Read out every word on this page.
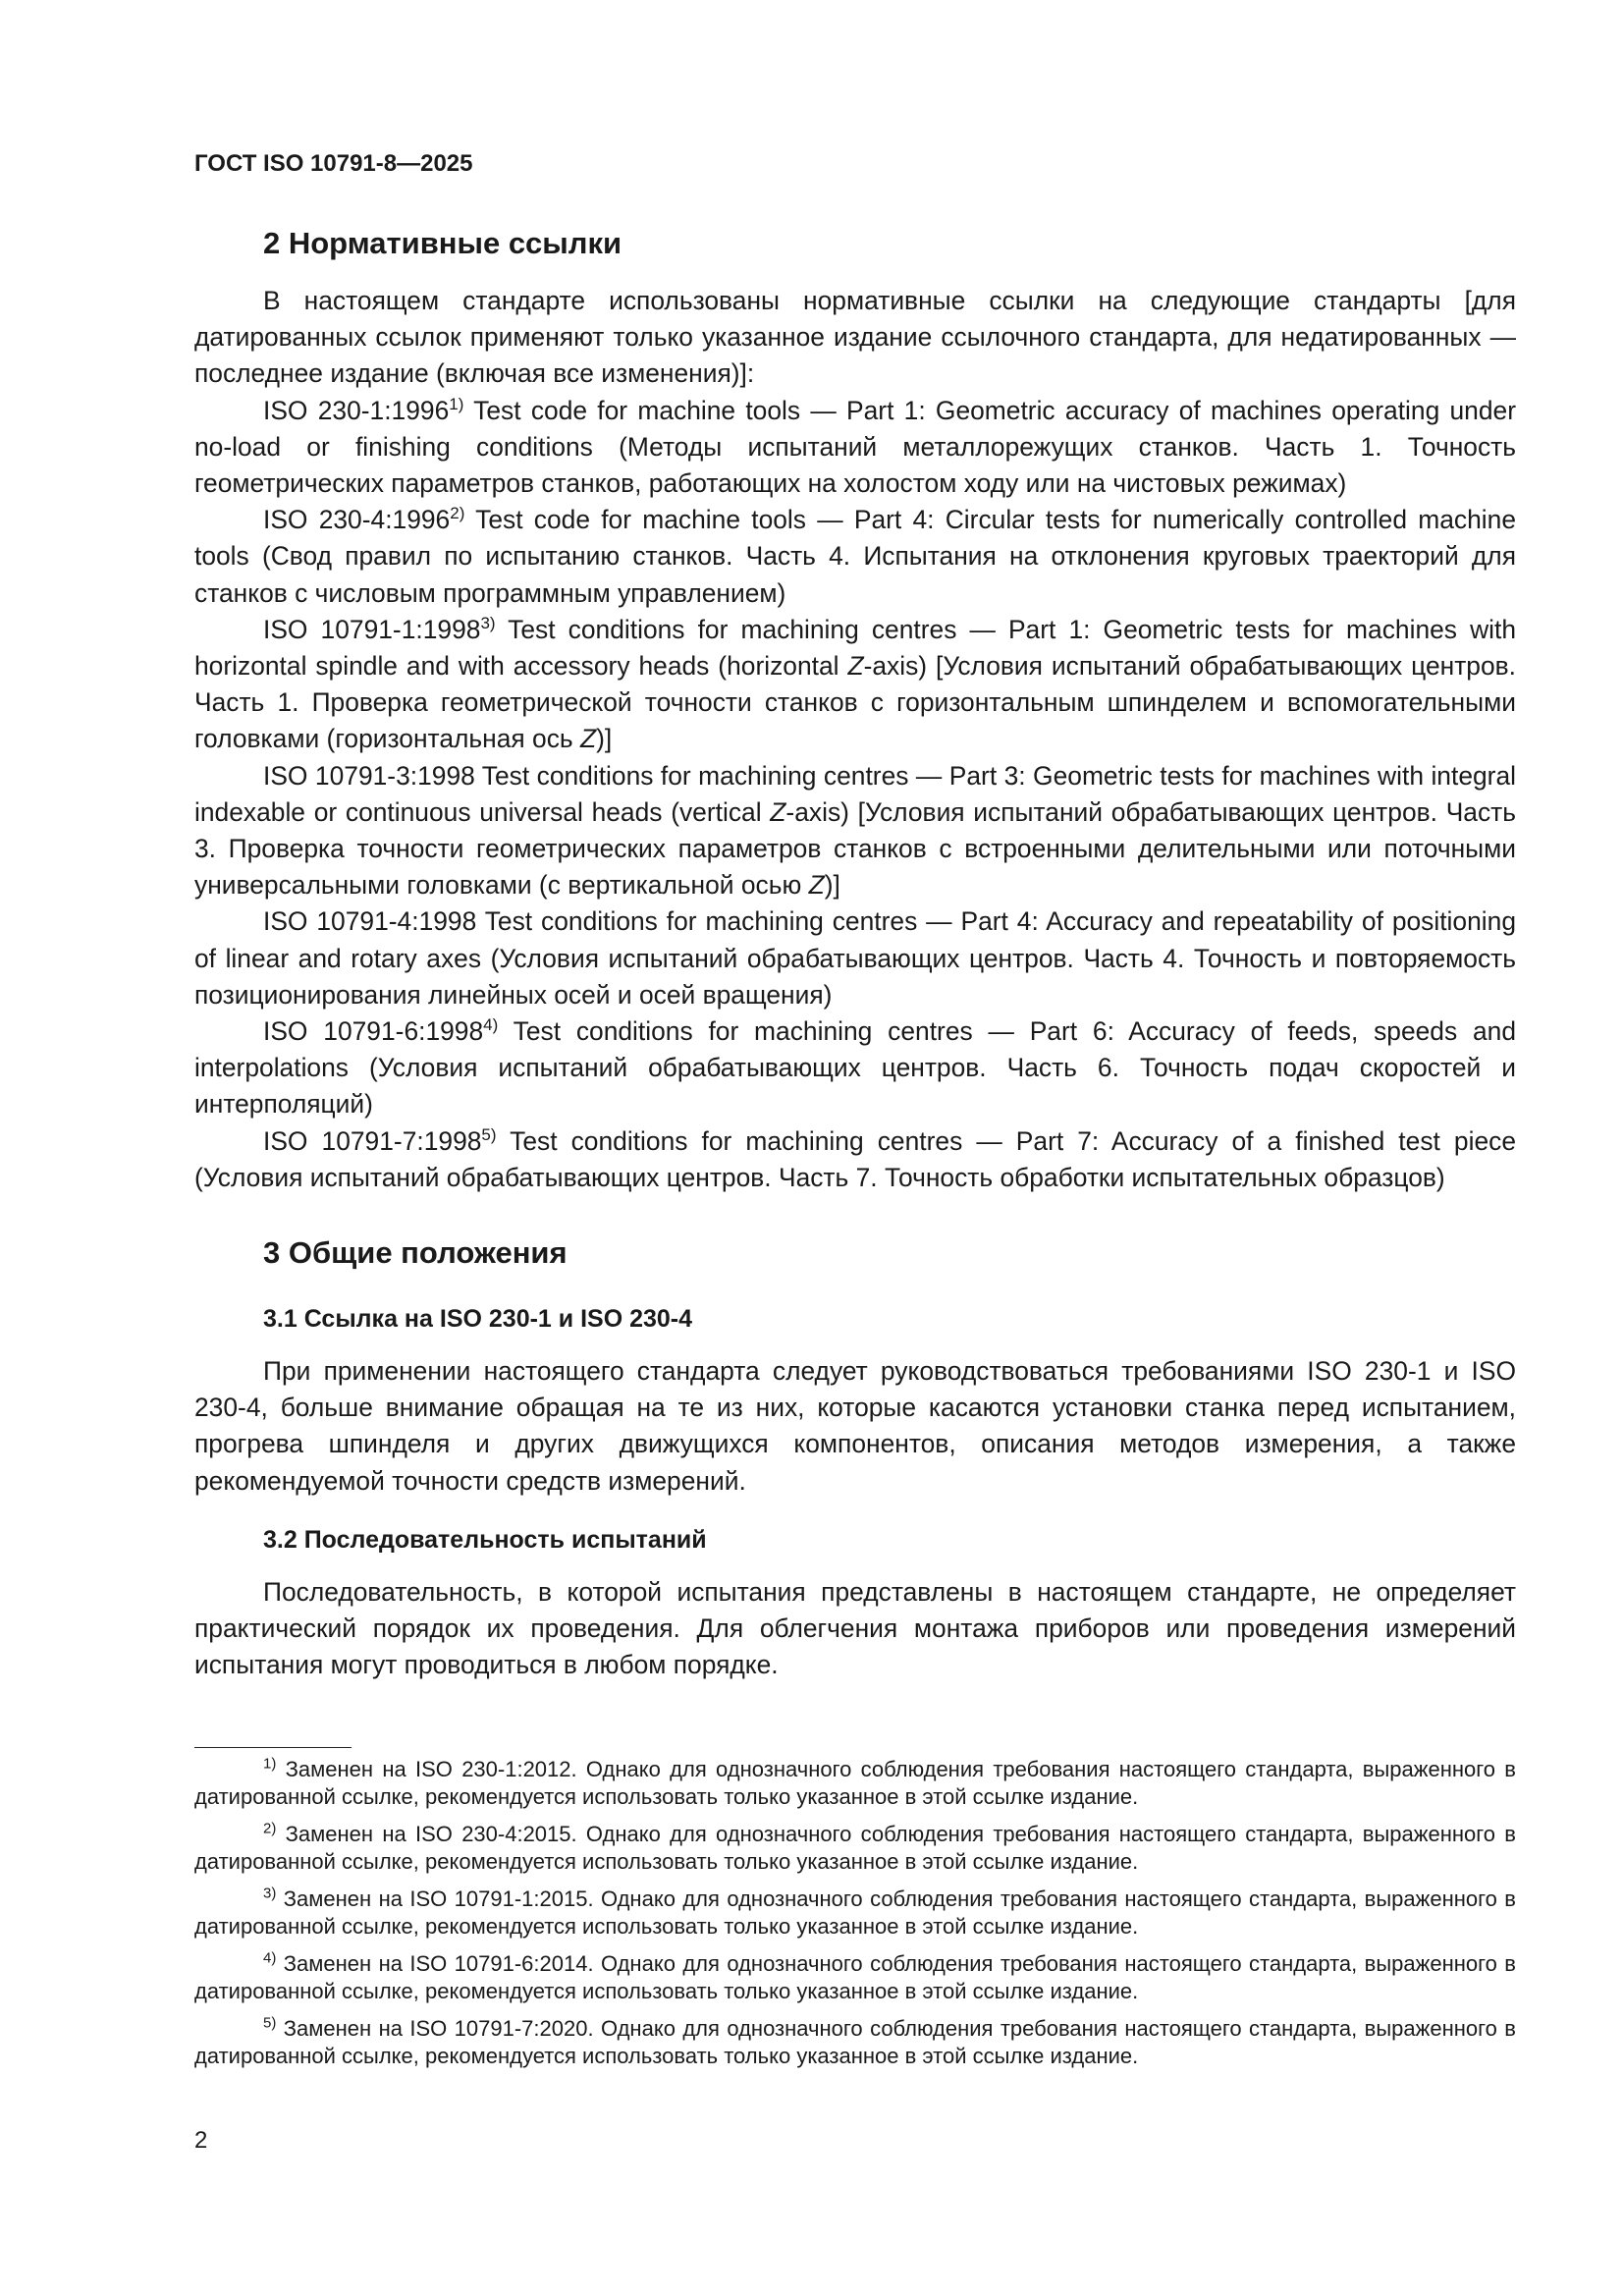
ГОСТ ISO 10791-8—2025
2 Нормативные ссылки

В настоящем стандарте использованы нормативные ссылки на следующие стандарты [для датированных ссылок применяют только указанное издание ссылочного стандарта, для недатированных — последнее издание (включая все изменения)]:

ISO 230-1:1996$^{1)}$ Test code for machine tools — Part 1: Geometric accuracy of machines operating under no-load or finishing conditions (Методы испытаний металлорежущих станков. Часть 1. Точность геометрических параметров станков, работающих на холостом ходу или на чистовых режимах)

ISO 230-4:1996$^{2)}$ Test code for machine tools — Part 4: Circular tests for numerically controlled machine tools (Свод правил по испытанию станков. Часть 4. Испытания на отклонения круговых траекторий для станков с числовым программным управлением)

ISO 10791-1:1998$^{3)}$ Test conditions for machining centres — Part 1: Geometric tests for machines with horizontal spindle and with accessory heads (horizontal Z-axis) [Условия испытаний обрабатывающих центров. Часть 1. Проверка геометрической точности станков с горизонтальным шпинделем и вспомогательными головками (горизонтальная ось Z)]

ISO 10791-3:1998 Test conditions for machining centres — Part 3: Geometric tests for machines with integral indexable or continuous universal heads (vertical Z-axis) [Условия испытаний обрабатывающих центров. Часть 3. Проверка точности геометрических параметров станков с встроенными делительными или поточными универсальными головками (с вертикальной осью Z)]

ISO 10791-4:1998 Test conditions for machining centres — Part 4: Accuracy and repeatability of positioning of linear and rotary axes (Условия испытаний обрабатывающих центров. Часть 4. Точность и повторяемость позиционирования линейных осей и осей вращения)

ISO 10791-6:1998$^{4)}$ Test conditions for machining centres — Part 6: Accuracy of feeds, speeds and interpolations (Условия испытаний обрабатывающих центров. Часть 6. Точность подач скоростей и интерполяций)

ISO 10791-7:1998$^{5)}$ Test conditions for machining centres — Part 7: Accuracy of a finished test piece (Условия испытаний обрабатывающих центров. Часть 7. Точность обработки испытательных образцов)

3 Общие положения
3.1 Ссылка на ISO 230-1 и ISO 230-4

При применении настоящего стандарта следует руководствоваться требованиями ISO 230-1 и ISO 230-4, больше внимание обращая на те из них, которые касаются установки станка перед испытанием, прогрева шпинделя и других движущихся компонентов, описания методов измерения, а также рекомендуемой точности средств измерений.

3.2 Последовательность испытаний

Последовательность, в которой испытания представлены в настоящем стандарте, не определяет практический порядок их проведения. Для облегчения монтажа приборов или проведения измерений испытания могут проводиться в любом порядке.

$^{1)}$ Заменен на ISO 230-1:2012. Однако для однозначного соблюдения требования настоящего стандарта, выраженного в датированной ссылке, рекомендуется использовать только указанное в этой ссылке издание.

$^{2)}$ Заменен на ISO 230-4:2015. Однако для однозначного соблюдения требования настоящего стандарта, выраженного в датированной ссылке, рекомендуется использовать только указанное в этой ссылке издание.

$^{3)}$ Заменен на ISO 10791-1:2015. Однако для однозначного соблюдения требования настоящего стандарта, выраженного в датированной ссылке, рекомендуется использовать только указанное в этой ссылке издание.

$^{4)}$ Заменен на ISO 10791-6:2014. Однако для однозначного соблюдения требования настоящего стандарта, выраженного в датированной ссылке, рекомендуется использовать только указанное в этой ссылке издание.

$^{5)}$ Заменен на ISO 10791-7:2020. Однако для однозначного соблюдения требования настоящего стандарта, выраженного в датированной ссылке, рекомендуется использовать только указанное в этой ссылке издание.

2
